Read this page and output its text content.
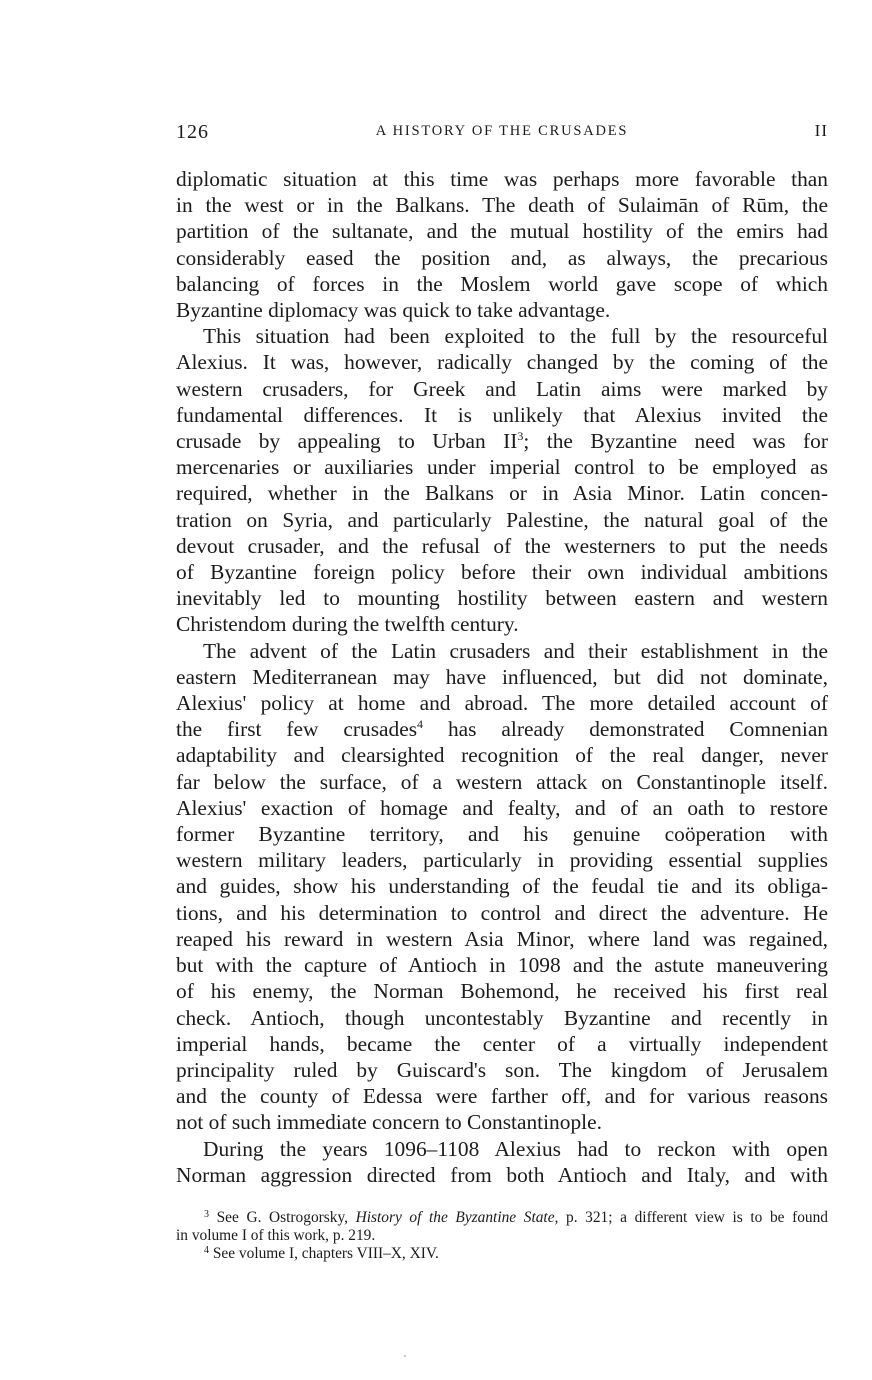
126	A HISTORY OF THE CRUSADES	II
diplomatic situation at this time was perhaps more favorable than
in the west or in the Balkans. The death of Sulaimān of Rūm, the
partition of the sultanate, and the mutual hostility of the emirs had
considerably eased the position and, as always, the precarious
balancing of forces in the Moslem world gave scope of which
Byzantine diplomacy was quick to take advantage.
This situation had been exploited to the full by the resourceful
Alexius. It was, however, radically changed by the coming of the
western crusaders, for Greek and Latin aims were marked by
fundamental differences. It is unlikely that Alexius invited the
crusade by appealing to Urban $II^3$; the Byzantine need was for
mercenaries or auxiliaries under imperial control to be employed as
required, whether in the Balkans or in Asia Minor. Latin concen-
tration on Syria, and particularly Palestine, the natural goal of the
devout crusader, and the refusal of the westerners to put the needs
of Byzantine foreign policy before their own individual ambitions
inevitably led to mounting hostility between eastern and western
Christendom during the twelfth century.
The advent of the Latin crusaders and their establishment in the
eastern Mediterranean may have influenced, but did not dominate,
Alexius' policy at home and abroad. The more detailed account of
the first few crusades$^4$ has already demonstrated Comnenian
adaptability and clearsighted recognition of the real danger, never
far below the surface, of a western attack on Constantinople itself.
Alexius' exaction of homage and fealty, and of an oath to restore
former Byzantine territory, and his genuine coöperation with
western military leaders, particularly in providing essential supplies
and guides, show his understanding of the feudal tie and its obliga-
tions, and his determination to control and direct the adventure. He
reaped his reward in western Asia Minor, where land was regained,
but with the capture of Antioch in 1098 and the astute maneuvering
of his enemy, the Norman Bohemond, he received his first real
check. Antioch, though uncontestably Byzantine and recently in
imperial hands, became the center of a virtually independent
principality ruled by Guiscard's son. The kingdom of Jerusalem
and the county of Edessa were farther off, and for various reasons
not of such immediate concern to Constantinople.
During the years 1096–1108 Alexius had to reckon with open
Norman aggression directed from both Antioch and Italy, and with
$^3$ See G. Ostrogorsky, History of the Byzantine State, p. 321; a different view is to be found
in volume I of this work, p. 219.
$^4$ See volume I, chapters VIII–X, XIV.
